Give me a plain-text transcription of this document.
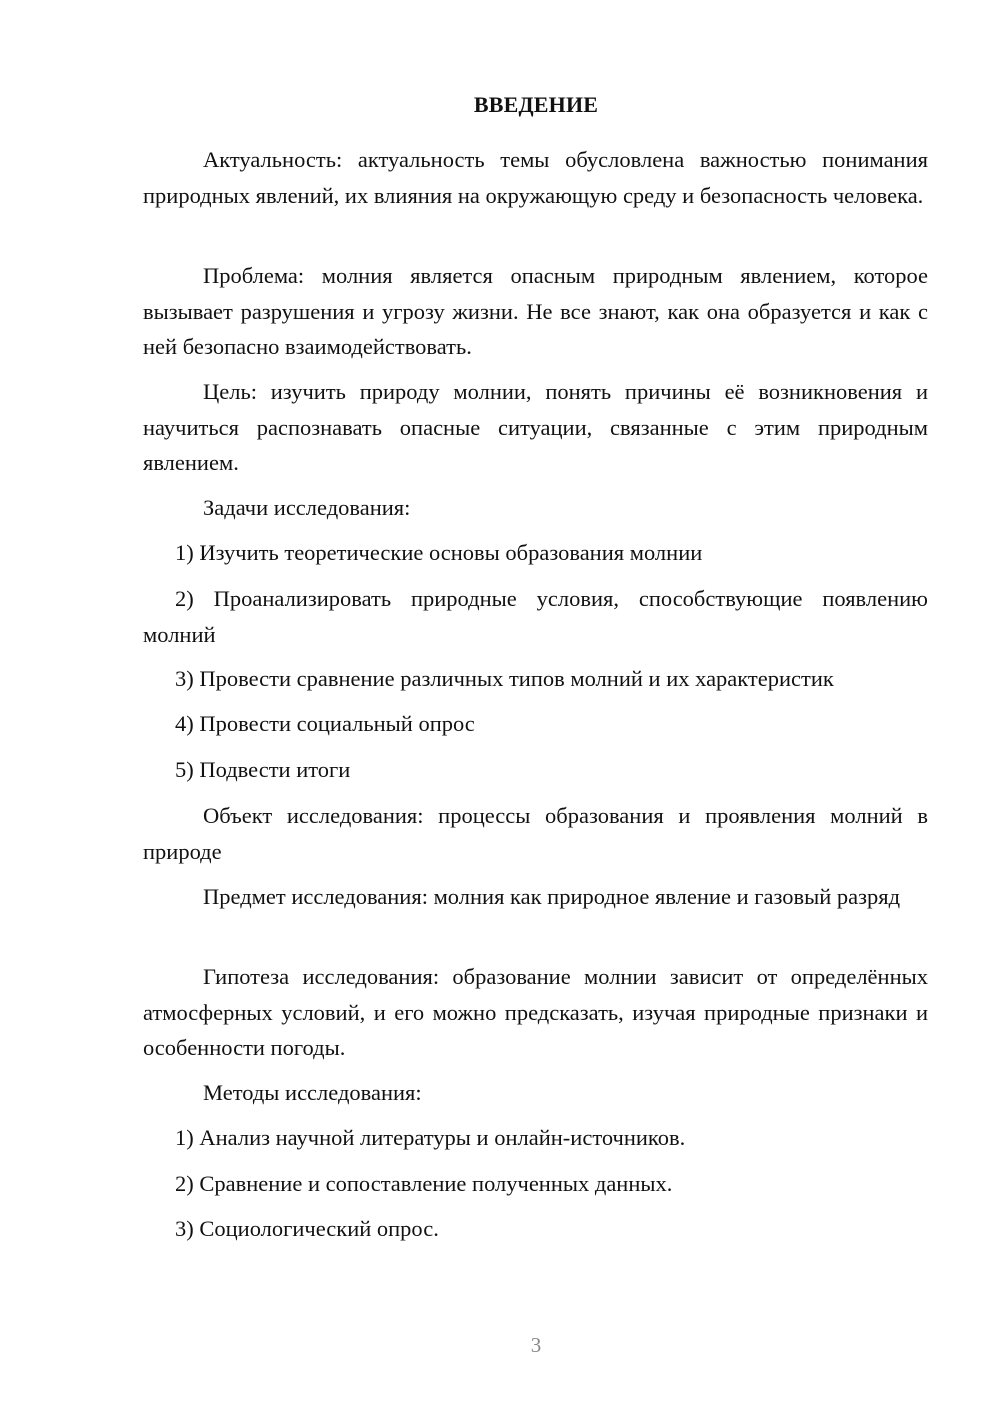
ВВЕДЕНИЕ

Актуальность: актуальность темы обусловлена важностью понимания природных явлений, их влияния на окружающую среду и безопасность человека.

Проблема: молния является опасным природным явлением, которое вызывает разрушения и угрозу жизни. Не все знают, как она образуется и как с ней безопасно взаимодействовать.

Цель: изучить природу молнии, понять причины её возникновения и научиться распознавать опасные ситуации, связанные с этим природным явлением.

Задачи исследования:

1) Изучить теоретические основы образования молнии

2) Проанализировать природные условия, способствующие появлению молний

3) Провести сравнение различных типов молний и их характеристик

4) Провести социальный опрос

5) Подвести итоги

Объект исследования: процессы образования и проявления молний в природе

Предмет исследования: молния как природное явление и газовый разряд

Гипотеза исследования: образование молнии зависит от определённых атмосферных условий, и его можно предсказать, изучая природные признаки и особенности погоды.

Методы исследования:

1) Анализ научной литературы и онлайн-источников.

2) Сравнение и сопоставление полученных данных.

3) Социологический опрос.

3
